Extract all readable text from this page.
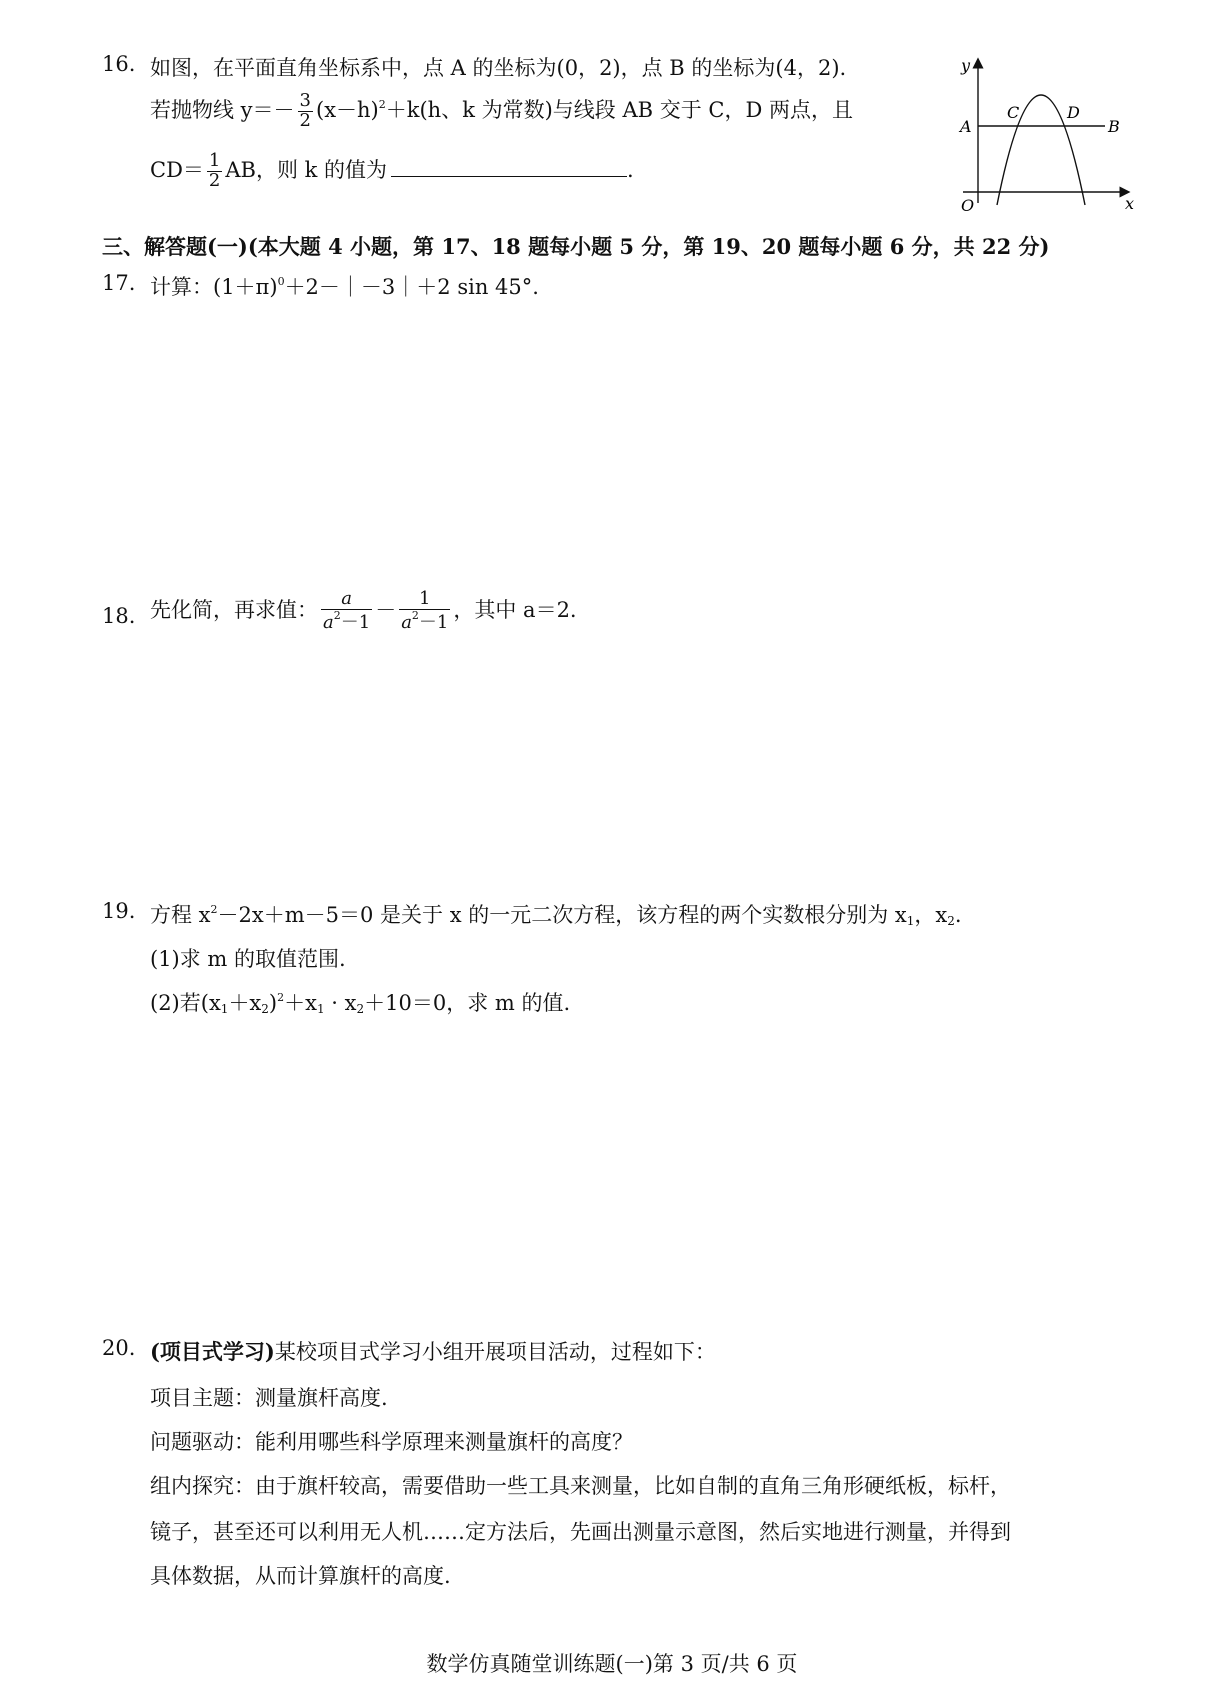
16. 如图，在平面直角坐标系中，点 A 的坐标为(0，2)，点 B 的坐标为(4，2).
若抛物线 $y=- \frac{3}{2} (x-h)^2+k(h$、k 为常数)与线段 AB 交于 C，D 两点，且
$CD= \frac{1}{2}$ AB，则 k 的值为	.
y
x
O
A	B
C	D
三、解答题(一)(本大题 4 小题，第 17、18 题每小题 5 分，第 19、20 题每小题 6 分，共 22 分)
17. 计算：$(1+\pi)^0+2-|-3|+2$ sin 45°.
18. 先化简，再求值： $\frac{a}{a^2-1} - \frac{1}{a^2-1}$ ，其中 a＝2.
19. 方程 $x^2-2x+m-5=0$ 是关于 x 的一元二次方程，该方程的两个实数根分别为 $x_1$，$x_2$.
(1)求 m 的取值范围.
(2)若$(x_1+x_2)^2+x_1 \cdot x_2+10=0$，求 m 的值.
20. (项目式学习)某校项目式学习小组开展项目活动，过程如下：
项目主题：测量旗杆高度.
问题驱动：能利用哪些科学原理来测量旗杆的高度？
组内探究：由于旗杆较高，需要借助一些工具来测量，比如自制的直角三角形硬纸板，标杆，
镜子，甚至还可以利用无人机……定方法后，先画出测量示意图，然后实地进行测量，并得到
具体数据，从而计算旗杆的高度.
数学仿真随堂训练题(一)第 3 页/共 6 页
